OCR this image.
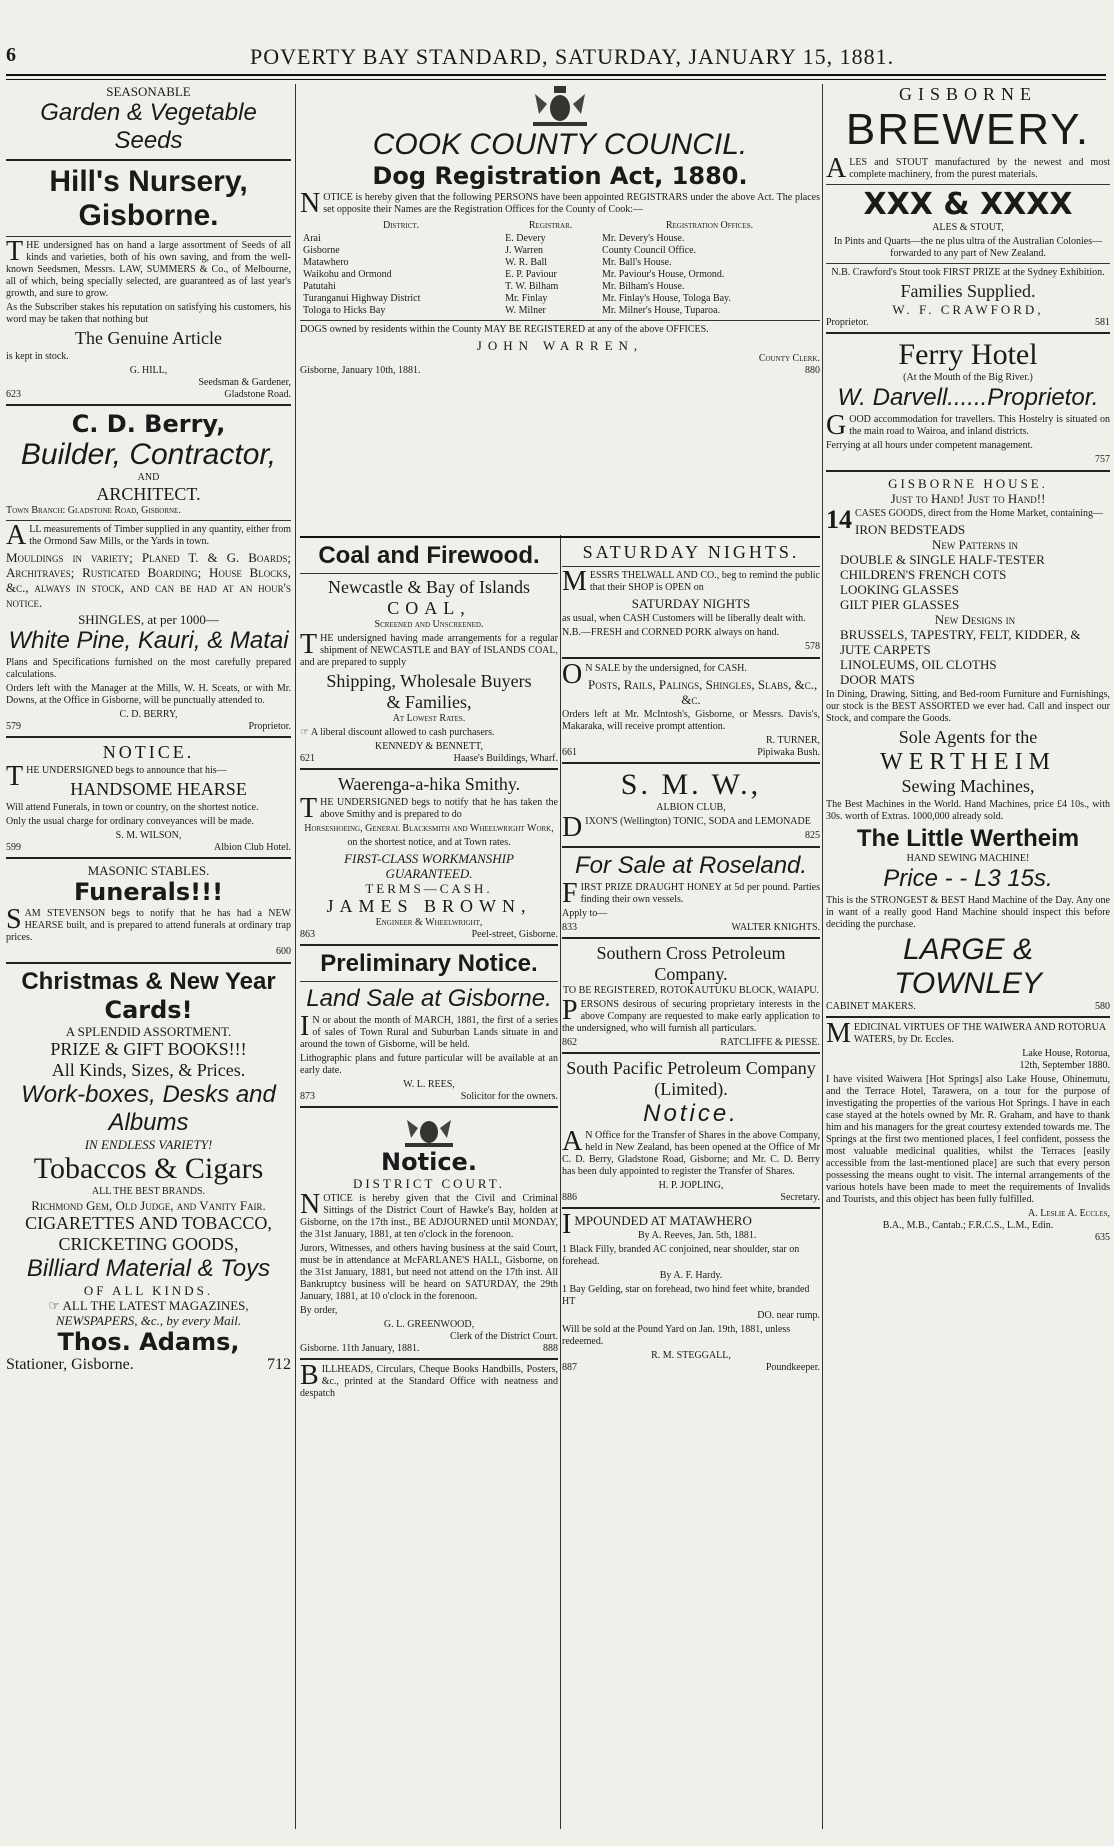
6	POVERTY BAY STANDARD, SATURDAY, JANUARY 15, 1881.
SEASONABLE
Garden & Vegetable Seeds
Hill's Nursery, Gisborne.

THE undersigned has on hand a large assortment of Seeds of all kinds and varieties, both of his own saving, and from the well-known Seedsmen, Messrs. LAW, SUMMERS & Co., of Melbourne, all of which, being specially selected, are guaranteed as of last year's growth, and sure to grow.

As the Subscriber stakes his reputation on satisfying his customers, his word may be taken that nothing but

The Genuine Article

is kept in stock.

G. HILL,
Seedsman & Gardener,
623	Gladstone Road.
C. D. Berry,
Builder, Contractor,
AND
ARCHITECT.
Town Branch: Gladstone Road, Gisborne.

ALL measurements of Timber supplied in any quantity, either from the Ormond Saw Mills, or the Yards in town.

Mouldings in variety; Planed T. & G. Boards; Architraves; Rusticated Boarding; House Blocks, &c., always in stock, and can be had at an hour's notice.

SHINGLES, at per 1000—
White Pine, Kauri, & Matai

Plans and Specifications furnished on the most carefully prepared calculations.

Orders left with the Manager at the Mills, W. H. Sceats, or with Mr. Downs, at the Office in Gisborne, will be punctually attended to.

C. D. BERRY,
579	Proprietor.
NOTICE.

THE UNDERSIGNED begs to announce that his—

HANDSOME HEARSE

Will attend Funerals, in town or country, on the shortest notice.

Only the usual charge for ordinary conveyances will be made.

S. M. WILSON,
599	Albion Club Hotel.
MASONIC STABLES.
Funerals!!!

SAM STEVENSON begs to notify that he has had a NEW HEARSE built, and is prepared to attend funerals at ordinary trap prices.

600
Christmas & New Year
Cards!
A SPLENDID ASSORTMENT.
PRIZE & GIFT BOOKS!!!
All Kinds, Sizes, & Prices.
Work-boxes, Desks and
Albums
IN ENDLESS VARIETY!
Tobaccos & Cigars
ALL THE BEST BRANDS.
Richmond Gem, Old Judge, and Vanity Fair.
CIGARETTES AND TOBACCO,
CRICKETING GOODS,
Billiard Material & Toys
OF ALL KINDS.
☞ ALL THE LATEST MAGAZINES,
NEWSPAPERS, &c., by every Mail.
Thos. Adams,
Stationer, Gisborne.	712
COOK COUNTY COUNCIL.
Dog Registration Act, 1880.

NOTICE is hereby given that the following PERSONS have been appointed REGISTRARS under the above Act. The places set opposite their Names are the Registration Offices for the County of Cook:—

District.	Registrar.	Registration Offices.
Arai	E. Devery	Mr. Devery's House.
Gisborne	J. Warren	County Council Office.
Matawhero	W. R. Ball	Mr. Ball's House.
Waikohu and Ormond	E. P. Paviour	Mr. Paviour's House, Ormond.
Patutahi	T. W. Bilham	Mr. Bilham's House.
Turanganui Highway District	Mr. Finlay	Mr. Finlay's House, Tologa Bay.
Tologa to Hicks Bay	W. Milner	Mr. Milner's House, Tuparoa.

DOGS owned by residents within the County MAY BE REGISTERED at any of the above OFFICES.

JOHN WARREN,
County Clerk.
Gisborne, January 10th, 1881.	880
Coal and Firewood.
Newcastle & Bay of Islands
COAL,
Screened and Unscreened.

THE undersigned having made arrangements for a regular shipment of NEWCASTLE and BAY of ISLANDS COAL, and are prepared to supply

Shipping, Wholesale Buyers
& Families,
At Lowest Rates.

☞ A liberal discount allowed to cash purchasers.

KENNEDY & BENNETT,
621	Haase's Buildings, Wharf.
Waerenga-a-hika Smithy.

THE UNDERSIGNED begs to notify that he has taken the above Smithy and is prepared to do

Horseshoeing, General Blacksmith and Wheelwright Work,

on the shortest notice, and at Town rates.

FIRST-CLASS WORKMANSHIP GUARANTEED.
TERMS—CASH.
JAMES BROWN,
Engineer & Wheelwright,
863	Peel-street, Gisborne.
Preliminary Notice.
Land Sale at Gisborne.

I N or about the month of MARCH, 1881, the first of a series of sales of Town Rural and Suburban Lands situate in and around the town of Gisborne, will be held.

Lithographic plans and future particular will be available at an early date.

W. L. REES,
873	Solicitor for the owners.
Notice.
DISTRICT COURT.

NOTICE is hereby given that the Civil and Criminal Sittings of the District Court of Hawke's Bay, holden at Gisborne, on the 17th inst., BE ADJOURNED until MONDAY, the 31st January, 1881, at ten o'clock in the forenoon.

Jurors, Witnesses, and others having business at the said Court, must be in attendance at McFARLANE'S HALL, Gisborne, on the 31st January, 1881, but need not attend on the 17th inst. All Bankruptcy business will be heard on SATURDAY, the 29th January, 1881, at 10 o'clock in the forenoon.

By order,

G. L. GREENWOOD,
Clerk of the District Court.
Gisborne. 11th January, 1881.	888

BILLHEADS, Circulars, Cheque Books Handbills, Posters, &c., printed at the Standard Office with neatness and despatch

SATURDAY NIGHTS.

MESSRS THELWALL AND CO., beg to remind the public that their SHOP is OPEN on

SATURDAY NIGHTS

as usual, when CASH Customers will be liberally dealt with.

N.B.—FRESH and CORNED PORK always on hand.

578

O N SALE by the undersigned, for CASH.

Posts, Rails, Palings, Shingles, Slabs, &c., &c.

Orders left at Mr. McIntosh's, Gisborne, or Messrs. Davis's, Makaraka, will receive prompt attention.

R. TURNER,
661	Pipiwaka Bush.
S. M. W.,
ALBION CLUB,

DIXON'S (Wellington) TONIC, SODA and LEMONADE

825
For Sale at Roseland.

FIRST PRIZE DRAUGHT HONEY at 5d per pound. Parties finding their own vessels.

Apply to—

833	WALTER KNIGHTS.
Southern Cross Petroleum Company.
TO BE REGISTERED, ROTOKAUTUKU BLOCK, WAIAPU.

PERSONS desirous of securing proprietary interests in the above Company are requested to make early application to the undersigned, who will furnish all particulars.

862	RATCLIFFE & PIESSE.
South Pacific Petroleum Company (Limited).
Notice.

A N Office for the Transfer of Shares in the above Company, held in New Zealand, has been opened at the Office of Mr C. D. Berry, Gladstone Road, Gisborne; and Mr. C. D. Berry has been duly appointed to register the Transfer of Shares.

H. P. JOPLING,
886	Secretary.

IMPOUNDED AT MATAWHERO

By A. Reeves, Jan. 5th, 1881.

1 Black Filly, branded AC conjoined, near shoulder, star on forehead.

By A. F. Hardy.

1 Bay Gelding, star on forehead, two hind feet white, branded HT

DO. near rump.

Will be sold at the Pound Yard on Jan. 19th, 1881, unless redeemed.

R. M. STEGGALL,
887	Poundkeeper.
GISBORNE
BREWERY.

ALES and STOUT manufactured by the newest and most complete machinery, from the purest materials.

XXX & XXXX
ALES & STOUT,

In Pints and Quarts—the ne plus ultra of the Australian Colonies—forwarded to any part of New Zealand.

N.B. Crawford's Stout took FIRST PRIZE at the Sydney Exhibition.

Families Supplied.
W. F. CRAWFORD,
Proprietor.	581
Ferry Hotel
(At the Mouth of the Big River.)
W. Darvell......Proprietor.

GOOD accommodation for travellers. This Hostelry is situated on the main road to Wairoa, and inland districts.

Ferrying at all hours under competent management.

757
GISBORNE HOUSE.
Just to Hand! Just to Hand!!

14 CASES GOODS, direct from the Home Market, containing—

IRON BEDSTEADS
New Patterns in
DOUBLE & SINGLE HALF-TESTER
CHILDREN'S FRENCH COTS
LOOKING GLASSES
GILT PIER GLASSES
New Designs in
BRUSSELS, TAPESTRY, FELT, KIDDER, & JUTE CARPETS
LINOLEUMS, OIL CLOTHS
DOOR MATS

In Dining, Drawing, Sitting, and Bed-room Furniture and Furnishings, our stock is the BEST ASSORTED we ever had. Call and inspect our Stock, and compare the Goods.

Sole Agents for the
WERTHEIM
Sewing Machines,

The Best Machines in the World. Hand Machines, price £4 10s., with 30s. worth of Extras. 1000,000 already sold.

The Little Wertheim
HAND SEWING MACHINE!
Price - - L3 15s.

This is the STRONGEST & BEST Hand Machine of the Day. Any one in want of a really good Hand Machine should inspect this before deciding the purchase.

LARGE & TOWNLEY
CABINET MAKERS.	580

MEDICINAL VIRTUES OF THE WAIWERA AND ROTORUA WATERS, by Dr. Eccles.

Lake House, Rotorua,
12th, September 1880.

I have visited Waiwera [Hot Springs] also Lake House, Ohinemutu, and the Terrace Hotel, Tarawera, on a tour for the purpose of investigating the properties of the various Hot Springs. I have in each case stayed at the hotels owned by Mr. R. Graham, and have to thank him and his managers for the great courtesy extended towards me. The Springs at the first two mentioned places, I feel confident, possess the most valuable medicinal qualities, whilst the Terraces [easily accessible from the last-mentioned place] are such that every person possessing the means ought to visit. The internal arrangements of the various hotels have been made to meet the requirements of Invalids and Tourists, and this object has been fully fulfilled.

A. Leslie A. Eccles,
B.A., M.B., Cantab.; F.R.C.S., L.M., Edin.
635
